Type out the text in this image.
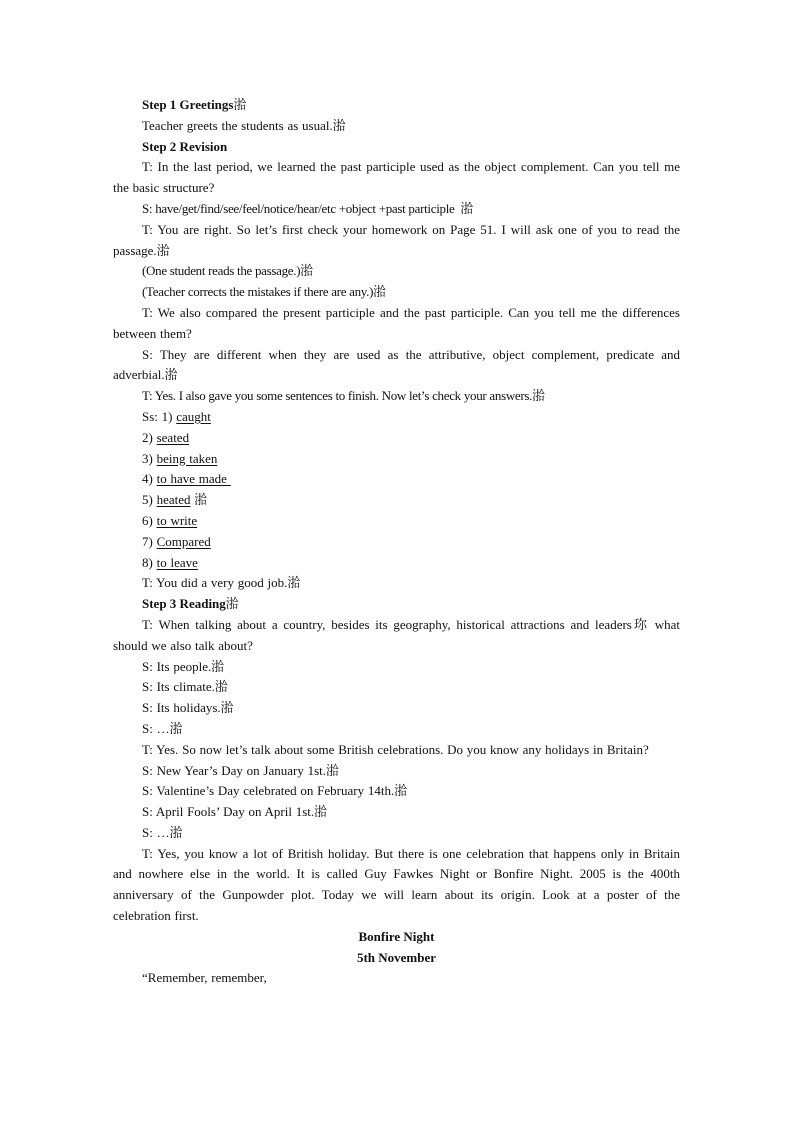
Step 1 Greetings湁

Teacher greets the students as usual.湁

Step 2 Revision

T: In the last period, we learned the past participle used as the object complement. Can you tell me the basic structure?

S: have/get/find/see/feel/notice/hear/etc +object +past participle 湁

T: You are right. So let’s first check your homework on Page 51. I will ask one of you to read the passage.湁

(One student reads the passage.)湁

(Teacher corrects the mistakes if there are any.)湁

T: We also compared the present participle and the past participle. Can you tell me the differences between them?

S: They are different when they are used as the attributive, object complement, predicate and adverbial.湁

T: Yes. I also gave you some sentences to finish. Now let’s check your answers.湁

Ss: 1) caught

2) seated

3) being taken

4) to have made

5) heated 湁

6) to write

7) Compared

8) to leave

T: You did a very good job.湁

Step 3 Reading湁

T: When talking about a country, besides its geography, historical attractions and leaders珎 what should we also talk about?

S: Its people.湁

S: Its climate.湁

S: Its holidays.湁

S: …湁

T: Yes. So now let’s talk about some British celebrations. Do you know any holidays in Britain?

S: New Year’s Day on January 1st.湁

S: Valentine’s Day celebrated on February 14th.湁

S: April Fools’ Day on April 1st.湁

S: …湁

T: Yes, you know a lot of British holiday. But there is one celebration that happens only in Britain and nowhere else in the world. It is called Guy Fawkes Night or Bonfire Night. 2005 is the 400th anniversary of the Gunpowder plot. Today we will learn about its origin. Look at a poster of the celebration first.

Bonfire Night

5th November

“Remember, remember,
